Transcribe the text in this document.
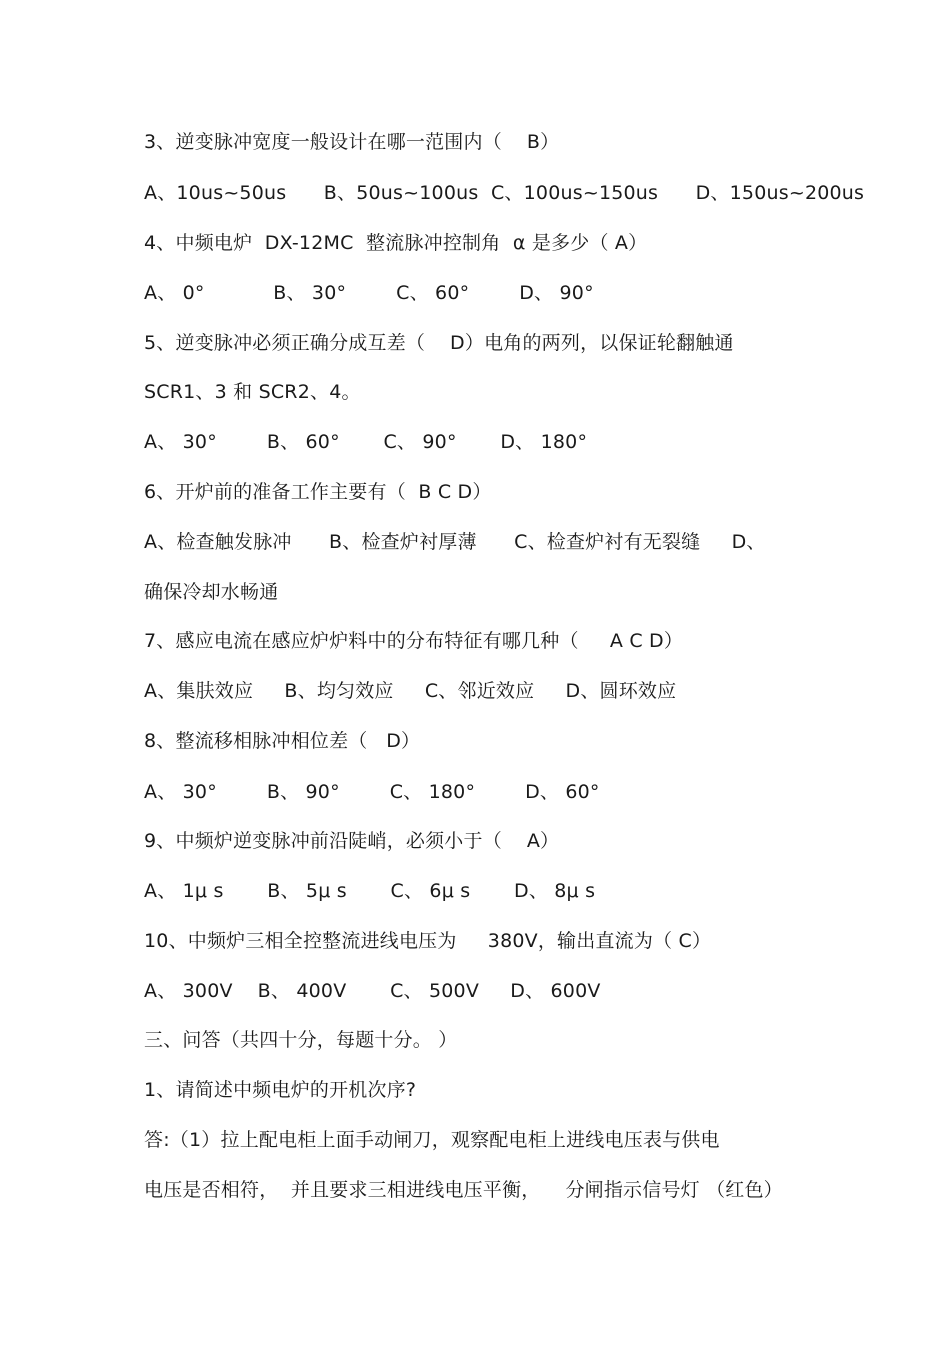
3、逆变脉冲宽度一般设计在哪一范围内（    B）
A、10us~50us      B、50us~100us  C、100us~150us      D、150us~200us
4、中频电炉  DX-12MC  整流脉冲控制角  α 是多少（ A）
A、 0°           B、 30°        C、 60°        D、 90°
5、逆变脉冲必须正确分成互差（    D）电角的两列，以保证轮翻触通
SCR1、3 和 SCR2、4。
A、 30°        B、 60°       C、 90°       D、 180°
6、开炉前的准备工作主要有（  B C D）
A、检查触发脉冲      B、检查炉衬厚薄      C、检查炉衬有无裂缝     D、
确保冷却水畅通
7、感应电流在感应炉炉料中的分布特征有哪几种（     A C D）
A、集肤效应     B、均匀效应     C、邻近效应     D、圆环效应
8、整流移相脉冲相位差（   D）
A、 30°        B、 90°        C、 180°        D、 60°
9、中频炉逆变脉冲前沿陡峭，必须小于（    A）
A、 1μ s       B、 5μ s       C、 6μ s       D、 8μ s
10、中频炉三相全控整流进线电压为     380V，输出直流为（ C）
A、 300V    B、 400V       C、 500V     D、 600V
三、问答（共四十分，每题十分。 ）
1、请简述中频电炉的开机次序?
答:（1）拉上配电柜上面手动闸刀，观察配电柜上进线电压表与供电
电压是否相符，  并且要求三相进线电压平衡，    分闸指示信号灯 （红色）
